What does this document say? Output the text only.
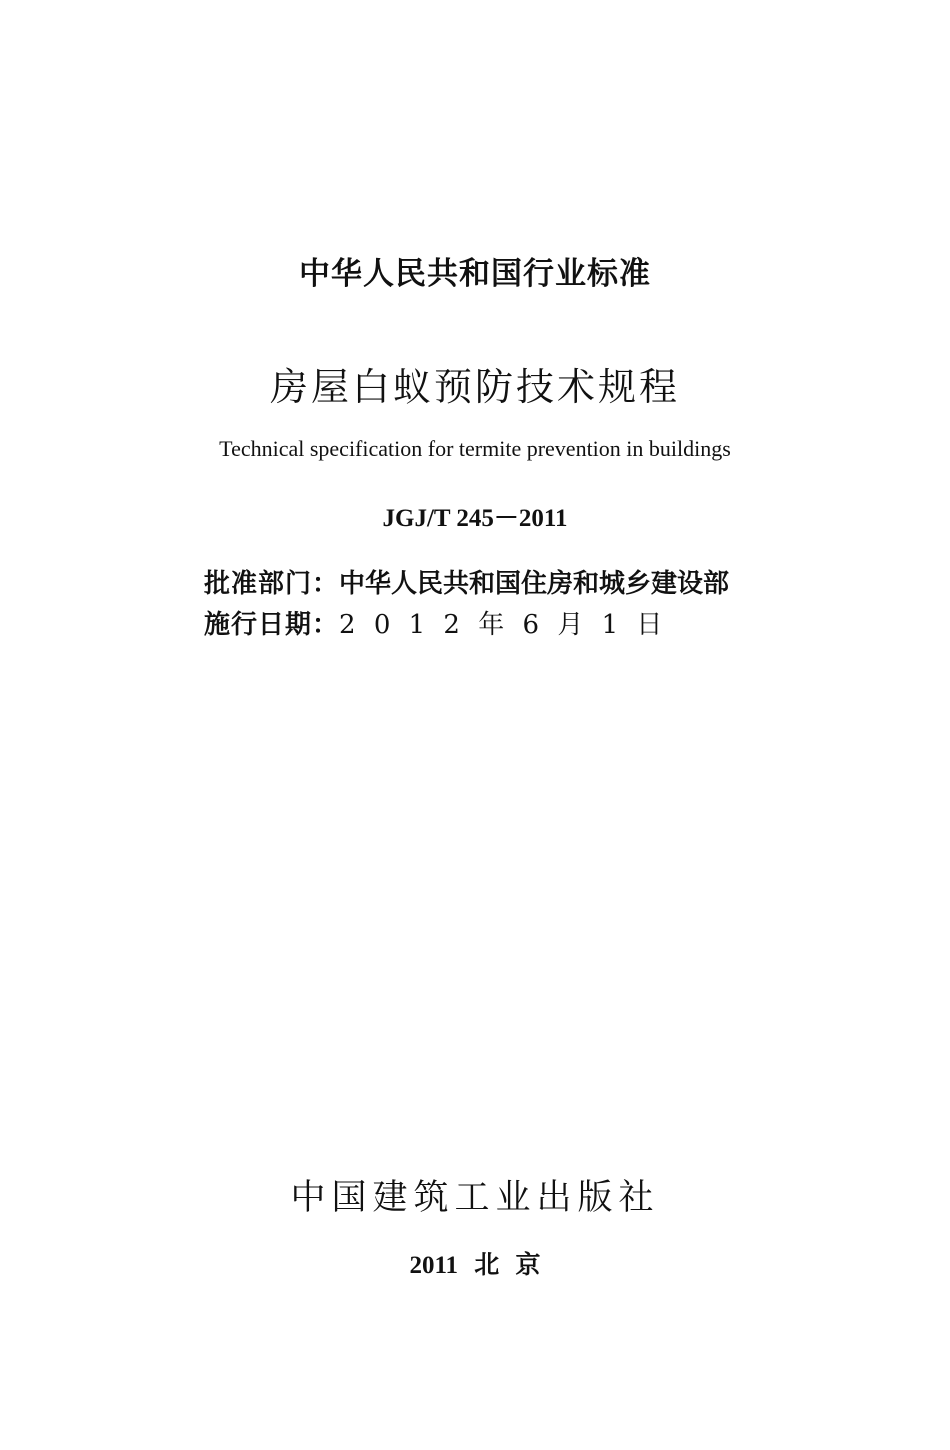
中华人民共和国行业标准
房屋白蚁预防技术规程
Technical specification for termite prevention in buildings
JGJ/T 245－2011
批准部门：中华人民共和国住房和城乡建设部
施行日期：2 0 1 2 年 6 月 1 日
中国建筑工业出版社
2011 北 京
